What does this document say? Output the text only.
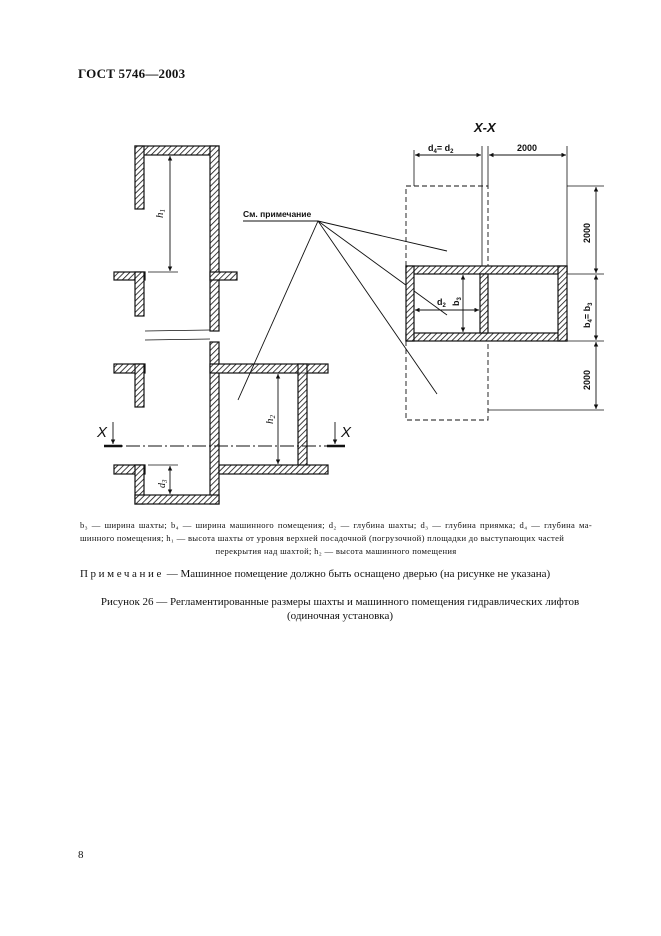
ГОСТ 5746—2003
h1
h2
$d_3$
X	X
См. примечание
X-X
$d_4= d_2$	2000
2000
$b_4= b_3$
2000
$d_2$ $b_3$
b₃ — ширина шахты; b₄ — ширина машинного помещения; d₂ — глубина шахты; d₃ — глубина приямка; d₄ — глубина ма- шинного помещения; h₁ — высота шахты от уровня верхней посадочной (погрузочной) площадки до выступающих частей
перекрытия над шахтой; h₂ — высота машинного помещения
Примечание — Машинное помещение должно быть оснащено дверью (на рисунке не указана)
Рисунок 26 — Регламентированные размеры шахты и машинного помещения гидравлических лифтов (одиночная установка)
8
